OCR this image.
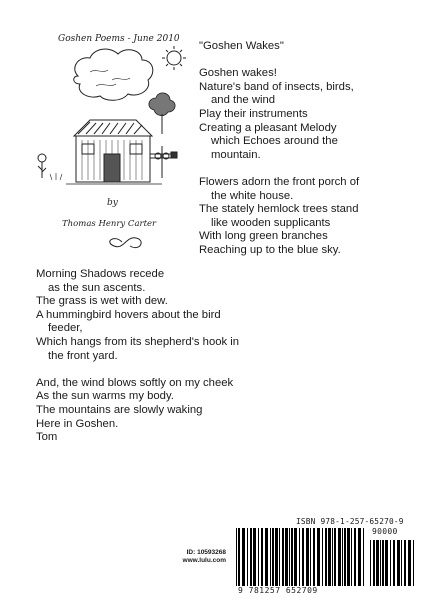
Goshen Poems - June 2010
by
Thomas Henry Carter
"Goshen Wakes"
Goshen wakes!
Nature's band of insects, birds,
and the wind
Play their instruments
Creating a pleasant Melody
which Echoes around the
mountain.
Flowers adorn the front porch of
the white house.
The stately hemlock trees stand
like wooden supplicants
With long green branches
Reaching up to the blue sky.
Morning Shadows recede
as the sun ascents.
The grass is wet with dew.
A hummingbird hovers about the bird
feeder,
Which hangs from its shepherd's hook in
the front yard.
And, the wind blows softly on my cheek
As the sun warms my body.
The mountains are slowly waking
Here in Goshen.
Tom
ID: 10593268
www.lulu.com
ISBN 978-1-257-65270-9
90000
9 781257 652709
